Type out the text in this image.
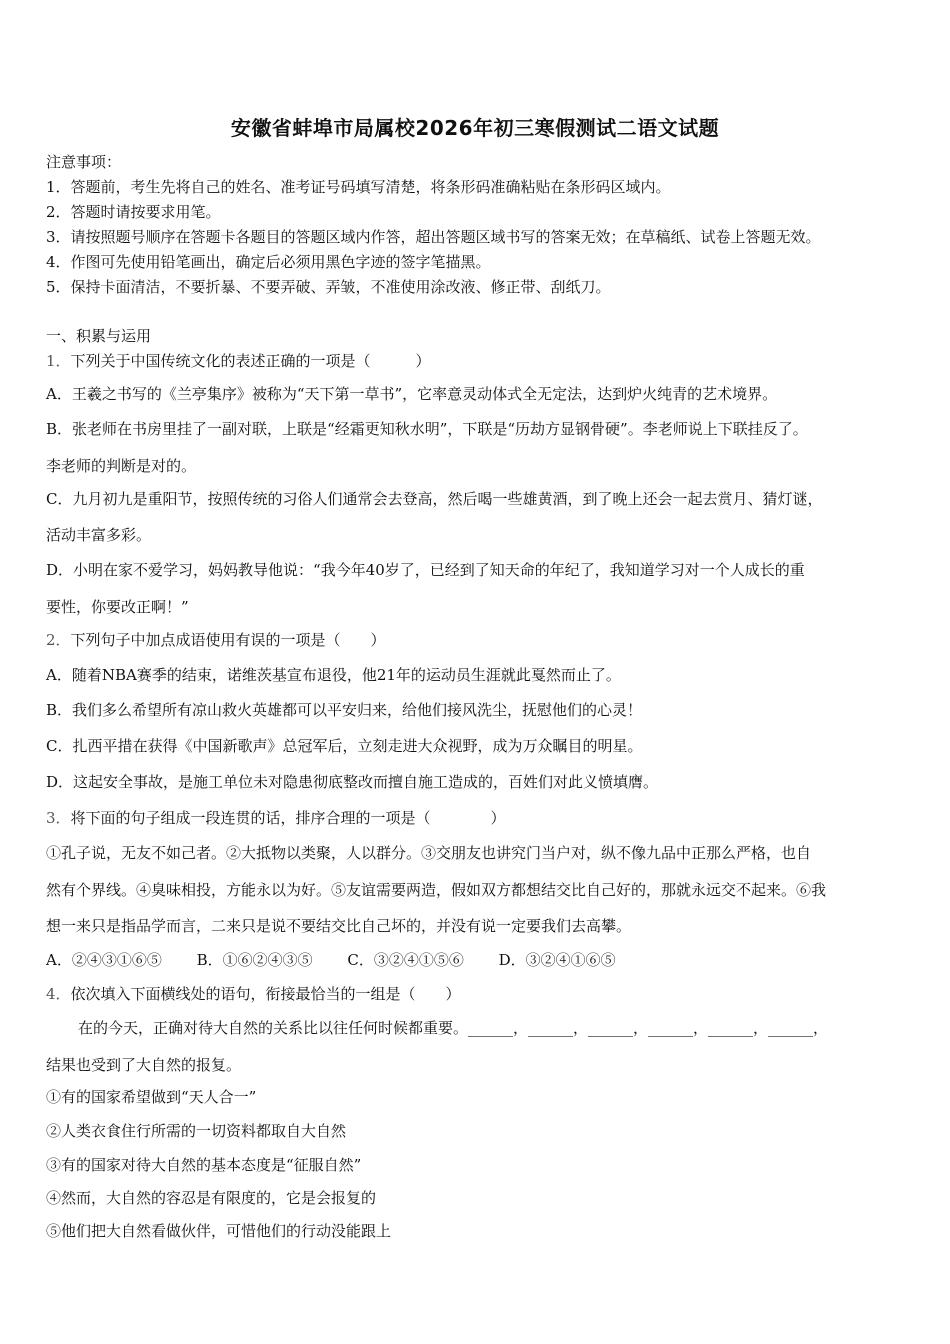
安徽省蚌埠市局属校2026年初三寒假测试二语文试题
注意事项：
1．答题前，考生先将自己的姓名、准考证号码填写清楚，将条形码准确粘贴在条形码区域内。
2．答题时请按要求用笔。
3．请按照题号顺序在答题卡各题目的答题区域内作答，超出答题区域书写的答案无效；在草稿纸、试卷上答题无效。
4．作图可先使用铅笔画出，确定后必须用黑色字迹的签字笔描黑。
5．保持卡面清洁，不要折暴、不要弄破、弄皱，不准使用涂改液、修正带、刮纸刀。
一、积累与运用
1．下列关于中国传统文化的表述正确的一项是（　　　）
A．王羲之书写的《兰亭集序》被称为“天下第一草书”，它率意灵动体式全无定法，达到炉火纯青的艺术境界。
B．张老师在书房里挂了一副对联，上联是“经霜更知秋水明”，下联是“历劫方显钢骨硬”。李老师说上下联挂反了。
李老师的判断是对的。
C．九月初九是重阳节，按照传统的习俗人们通常会去登高，然后喝一些雄黄酒，到了晚上还会一起去赏月、猜灯谜，
活动丰富多彩。
D．小明在家不爱学习，妈妈教导他说：“我今年40岁了，已经到了知天命的年纪了，我知道学习对一个人成长的重
要性，你要改正啊！”
2．下列句子中加点成语使用有误的一项是（　　）
A．随着NBA赛季的结束，诺维茨基宣布退役，他21年的运动员生涯就此戛然而止了。
B．我们多么希望所有凉山救火英雄都可以平安归来，给他们接风洗尘，抚慰他们的心灵！
C．扎西平措在获得《中国新歌声》总冠军后，立刻走进大众视野，成为万众瞩目的明星。
D．这起安全事故，是施工单位未对隐患彻底整改而擅自施工造成的，百姓们对此义愤填膺。
3．将下面的句子组成一段连贯的话，排序合理的一项是（　　　　）
①孔子说，无友不如己者。②大抵物以类聚，人以群分。③交朋友也讲究门当户对，纵不像九品中正那么严格，也自
然有个界线。④臭味相投，方能永以为好。⑤友谊需要两造，假如双方都想结交比自己好的，那就永远交不起来。⑥我
想一来只是指品学而言，二来只是说不要结交比自己坏的，并没有说一定要我们去高攀。
A．②④③①⑥⑤　　 B．①⑥②④③⑤　　 C．③②④①⑤⑥　　 D．③②④①⑥⑤
4．依次填入下面横线处的语句，衔接最恰当的一组是（　　）
在的今天，正确对待大自然的关系比以往任何时候都重要。______，______，______，______，______，______，
结果也受到了大自然的报复。
①有的国家希望做到“天人合一”
②人类衣食住行所需的一切资料都取自大自然
③有的国家对待大自然的基本态度是“征服自然”
④然而，大自然的容忍是有限度的，它是会报复的
⑤他们把大自然看做伙伴，可惜他们的行动没能跟上
